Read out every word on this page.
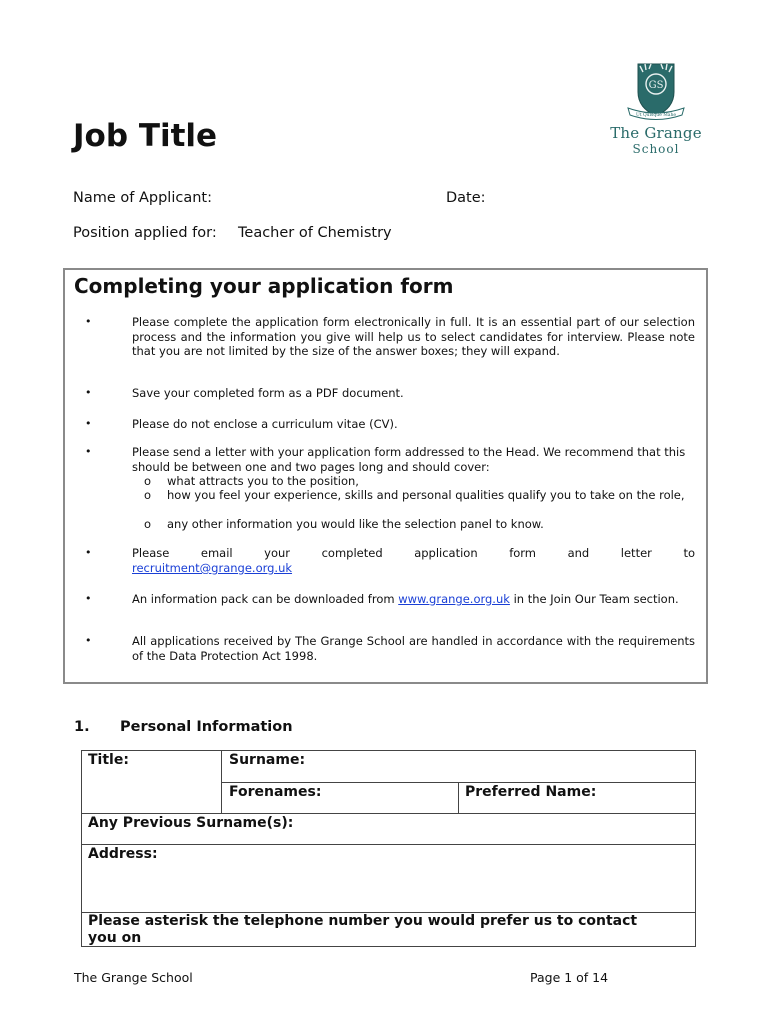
Job Title
Name of Applicant:	Date:
Position applied for: Teacher of Chemistry
GS
Ut Quisque Mahe
The Grange
School
Completing your application form
•	Please complete the application form electronically in full. It is an essential part of our selection process and the information you give will help us to select candidates for interview. Please note that you are not limited by the size of the answer boxes; they will expand.
•	Save your completed form as a PDF document.
•	Please do not enclose a curriculum vitae (CV).
•	Please send a letter with your application form addressed to the Head. We recommend that this should be between one and two pages long and should cover:
o what attracts you to the position,
o how you feel your experience, skills and personal qualities qualify you to take on the role,
o any other information you would like the selection panel to know.
•	Please email your completed application form and letter to
recruitment@grange.org.uk
•	An information pack can be downloaded from www.grange.org.uk in the Join Our Team section.
•	All applications received by The Grange School are handled in accordance with the requirements of the Data Protection Act 1998.
1. Personal Information
Title:	Surname:
Forenames:	Preferred Name:
Any Previous Surname(s):
Address:
Please asterisk the telephone number you would prefer us to contact you on
The Grange School	Page 1 of 14
